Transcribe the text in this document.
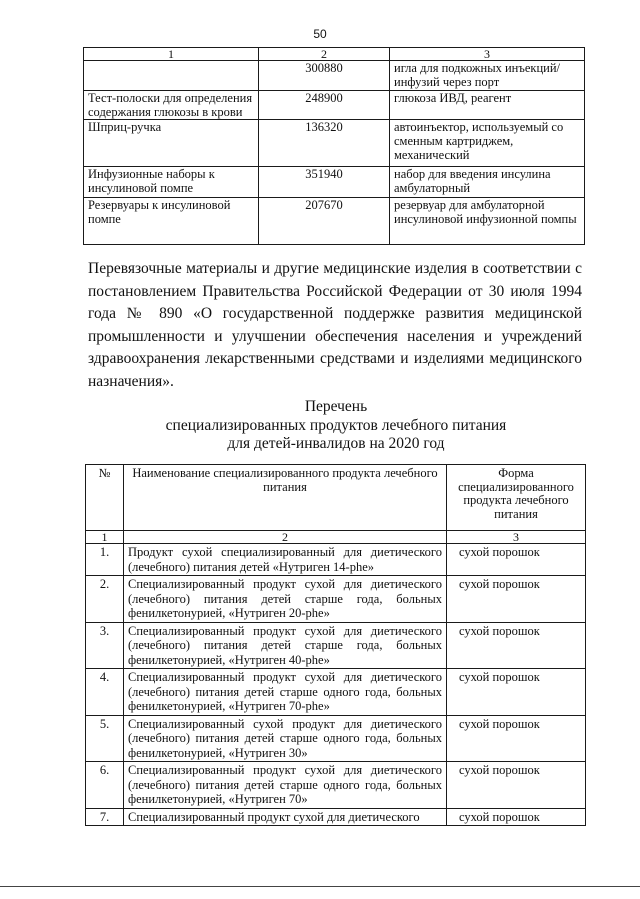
50
1	2	3
	300880	игла для подкожных инъекций/инфузий через порт
Тест-полоски для определения содержания глюкозы в крови	248900	глюкоза ИВД, реагент
Шприц-ручка	136320	автоинъектор, используемый со сменным картриджем, механический
Инфузионные наборы к инсулиновой помпе	351940	набор для введения инсулина амбулаторный
Резервуары к инсулиновой помпе	207670	резервуар для амбулаторной инсулиновой инфузионной помпы
Перевязочные материалы и другие медицинские изделия в соответствии с постановлением Правительства Российской Федерации от 30 июля 1994 года № 890 «О государственной поддержке развития медицинской промышленности и улучшении обеспечения населения и учреждений здравоохранения лекарственными средствами и изделиями медицинского назначения».
Перечень
специализированных продуктов лечебного питания
для детей-инвалидов на 2020 год
№	Наименование специализированного продукта лечебного питания	Форма специализированного продукта лечебного питания
1	2	3
1.	Продукт сухой специализированный для диетического (лечебного) питания детей «Нутриген 14-phe»	сухой порошок
2.	Специализированный продукт сухой для диетического (лечебного) питания детей старше года, больных фенилкетонурией, «Нутриген 20-phe»	сухой порошок
3.	Специализированный продукт сухой для диетического (лечебного) питания детей старше года, больных фенилкетонурией, «Нутриген 40-phe»	сухой порошок
4.	Специализированный продукт сухой для диетического (лечебного) питания детей старше одного года, больных фенилкетонурией, «Нутриген 70-phe»	сухой порошок
5.	Специализированный сухой продукт для диетического (лечебного) питания детей старше одного года, больных фенилкетонурией, «Нутриген 30»	сухой порошок
6.	Специализированный продукт сухой для диетического (лечебного) питания детей старше одного года, больных фенилкетонурией, «Нутриген 70»	сухой порошок
7.	Специализированный продукт сухой для диетического	сухой порошок
